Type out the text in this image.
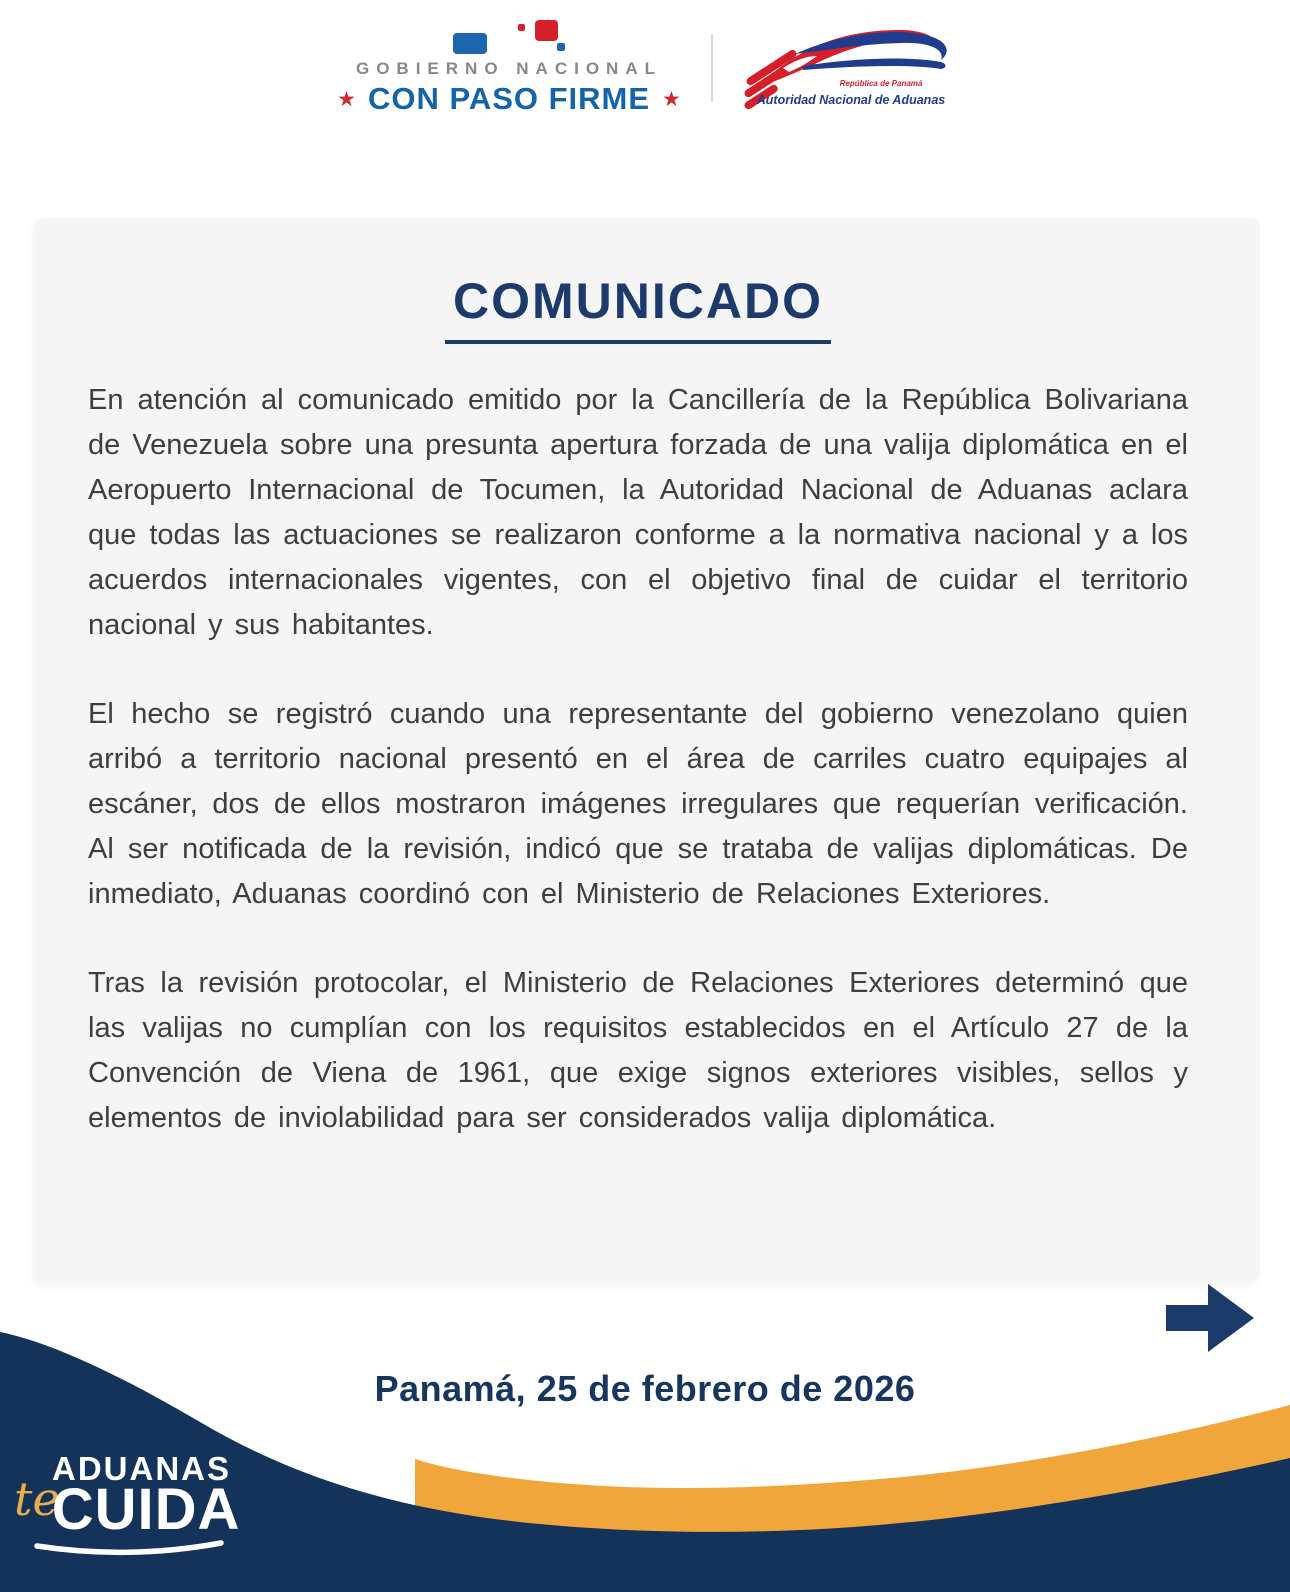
GOBIERNO NACIONAL
★ CON PASO FIRME ★
República de Panamá
Autoridad Nacional de Aduanas
COMUNICADO

En atención al comunicado emitido por la Cancillería de la República Bolivariana de Venezuela sobre una presunta apertura forzada de una valija diplomática en el Aeropuerto Internacional de Tocumen, la Autoridad Nacional de Aduanas aclara que todas las actuaciones se realizaron conforme a la normativa nacional y a los acuerdos internacionales vigentes, con el objetivo final de cuidar el territorio nacional y sus habitantes.

El hecho se registró cuando una representante del gobierno venezolano quien arribó a territorio nacional presentó en el área de carriles cuatro equipajes al escáner, dos de ellos mostraron imágenes irregulares que requerían verificación. Al ser notificada de la revisión, indicó que se trataba de valijas diplomáticas. De inmediato, Aduanas coordinó con el Ministerio de Relaciones Exteriores.

Tras la revisión protocolar, el Ministerio de Relaciones Exteriores determinó que las valijas no cumplían con los requisitos establecidos en el Artículo 27 de la Convención de Viena de 1961, que exige signos exteriores visibles, sellos y elementos de inviolabilidad para ser considerados valija diplomática.

Panamá, 25 de febrero de 2026
ADUANAS
te
CUIDA
